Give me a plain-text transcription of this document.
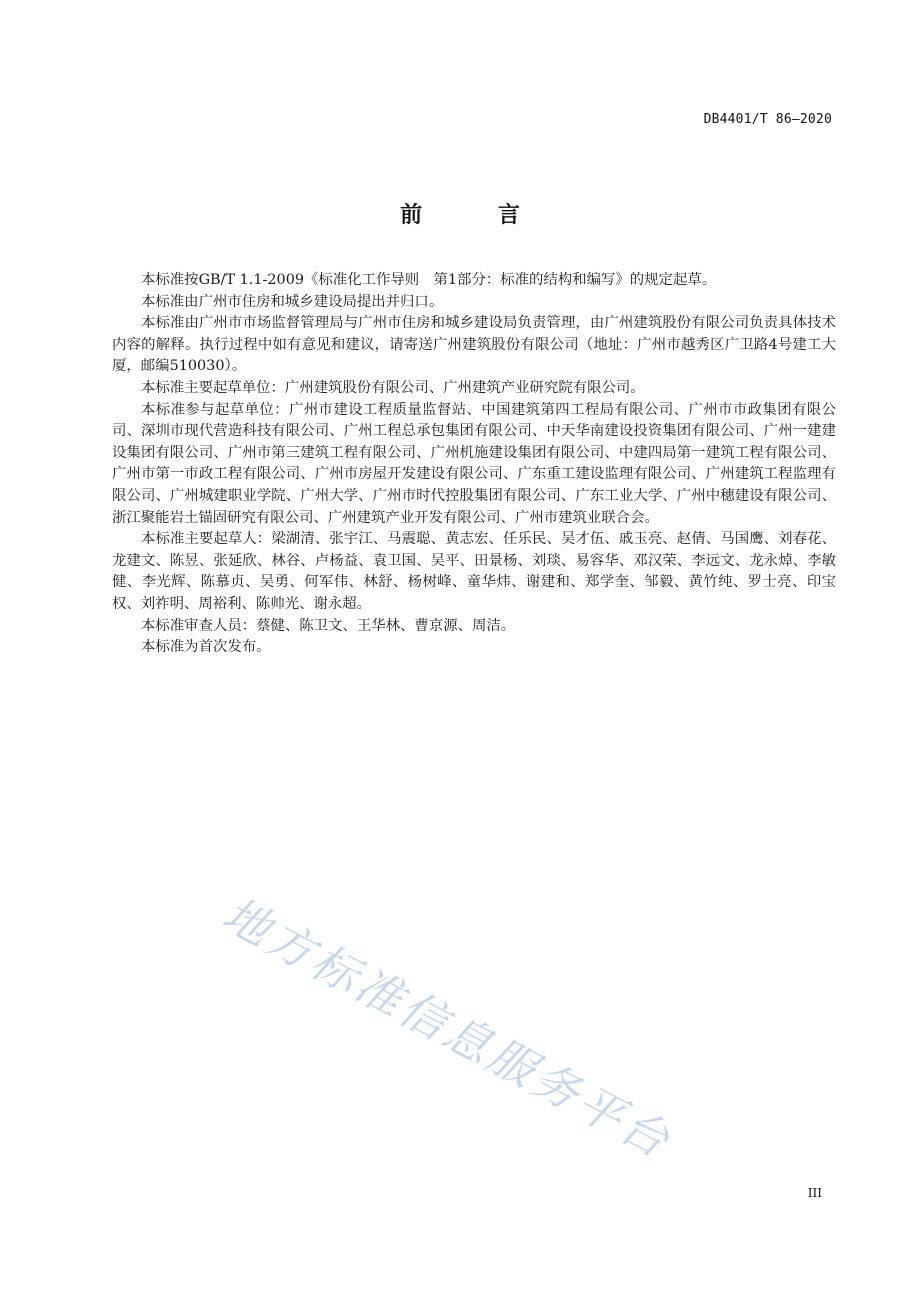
DB4401/T 86—2020
前 言

本标准按GB/T 1.1-2009《标准化工作导则　第1部分：标准的结构和编写》的规定起草。

本标准由广州市住房和城乡建设局提出并归口。

本标准由广州市市场监督管理局与广州市住房和城乡建设局负责管理，由广州建筑股份有限公司负责具体技术内容的解释。执行过程中如有意见和建议，请寄送广州建筑股份有限公司（地址：广州市越秀区广卫路4号建工大厦，邮编510030）。

本标准主要起草单位：广州建筑股份有限公司、广州建筑产业研究院有限公司。

本标准参与起草单位：广州市建设工程质量监督站、中国建筑第四工程局有限公司、广州市市政集团有限公司、深圳市现代营造科技有限公司、广州工程总承包集团有限公司、中天华南建设投资集团有限公司、广州一建建设集团有限公司、广州市第三建筑工程有限公司、广州机施建设集团有限公司、中建四局第一建筑工程有限公司、广州市第一市政工程有限公司、广州市房屋开发建设有限公司、广东重工建设监理有限公司、广州建筑工程监理有限公司、广州城建职业学院、广州大学、广州市时代控股集团有限公司、广东工业大学、广州中穗建设有限公司、浙江聚能岩土锚固研究有限公司、广州建筑产业开发有限公司、广州市建筑业联合会。

本标准主要起草人：梁湖清、张宇江、马震聪、黄志宏、任乐民、吴才伍、戚玉亮、赵倩、马国鹰、刘春花、龙建文、陈昱、张延欣、林谷、卢杨益、袁卫国、吴平、田景杨、刘琰、易容华、邓汉荣、李远文、龙永焯、李敏健、李光辉、陈慕贞、吴勇、何军伟、林舒、杨树峰、童华炜、谢建和、郑学奎、邹毅、黄竹纯、罗士亮、印宝权、刘祚明、周裕利、陈帅光、谢永超。

本标准审查人员：蔡健、陈卫文、王华林、曹京源、周洁。

本标准为首次发布。

地方标准信息服务平台
III
